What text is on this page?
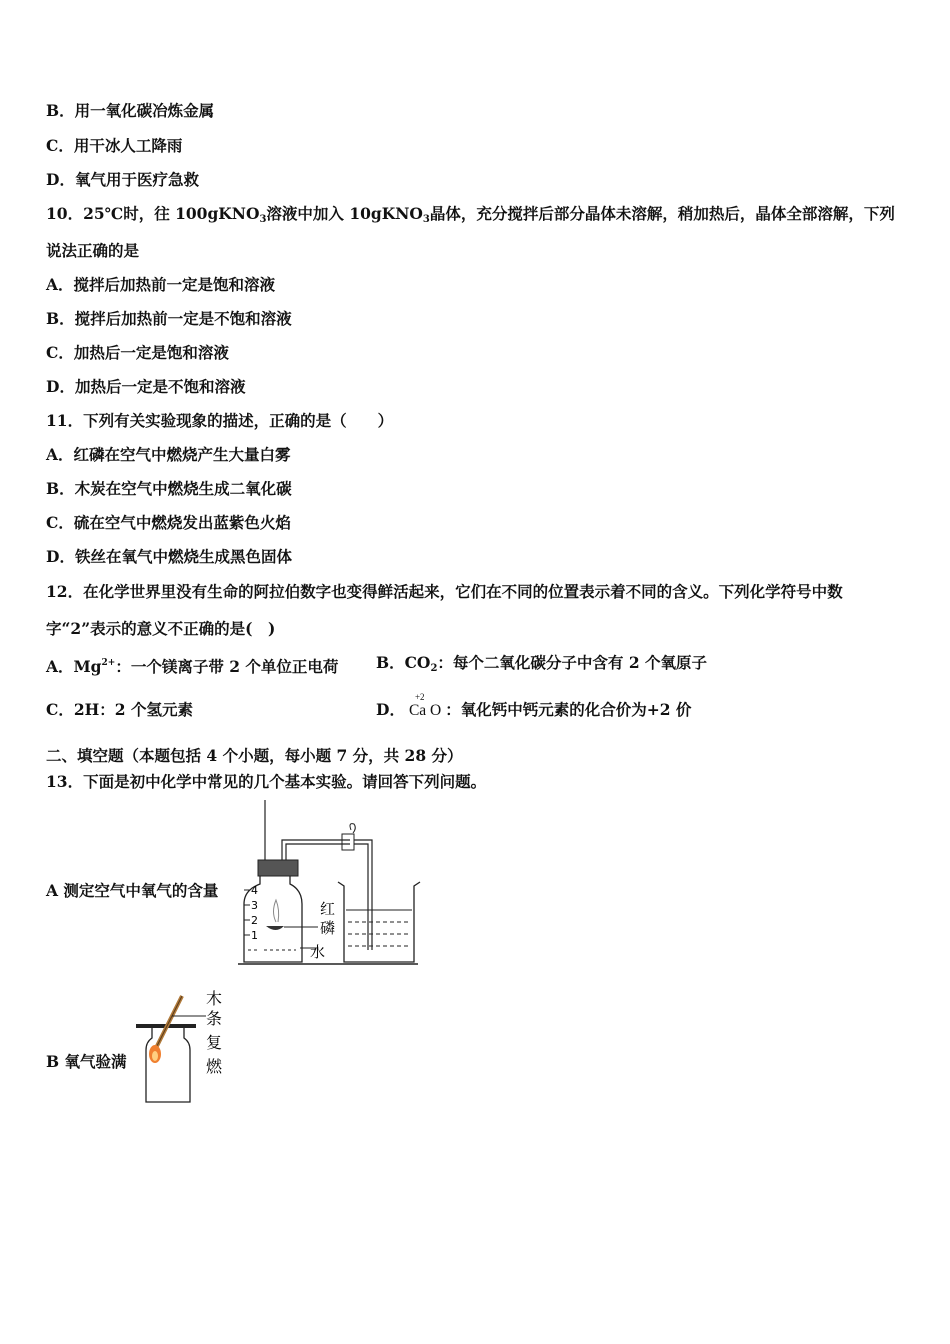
B．用一氧化碳冶炼金属
C．用干冰人工降雨
D．氧气用于医疗急救
10．25℃时，往 100gKNO$_3$溶液中加入 10gKNO$_3$晶体，充分搅拌后部分晶体未溶解，稍加热后，晶体全部溶解，下列
说法正确的是
A．搅拌后加热前一定是饱和溶液
B．搅拌后加热前一定是不饱和溶液
C．加热后一定是饱和溶液
D．加热后一定是不饱和溶液
11．下列有关实验现象的描述，正确的是（　　）
A．红磷在空气中燃烧产生大量白雾
B．木炭在空气中燃烧生成二氧化碳
C．硫在空气中燃烧发出蓝紫色火焰
D．铁丝在氧气中燃烧生成黑色固体
12．在化学世界里没有生命的阿拉伯数字也变得鲜活起来，它们在不同的位置表示着不同的含义。下列化学符号中数
字“2”表示的意义不正确的是(　)
A．$Mg^{2+}$：一个镁离子带 2 个单位正电荷 B．$CO_2$：每个二氧化碳分子中含有 2 个氧原子
C．2H：2 个氢元素	D．
+2
Ca O ：氧化钙中钙元素的化合价为+2 价
二、填空题（本题包括 4 个小题，每小题 7 分，共 28 分）
13．下面是初中化学中常见的几个基本实验。请回答下列问题。
A 测定空气中氧气的含量	4
3
2
1
红
磷
水
B 氧气验满
木
条
复
燃
